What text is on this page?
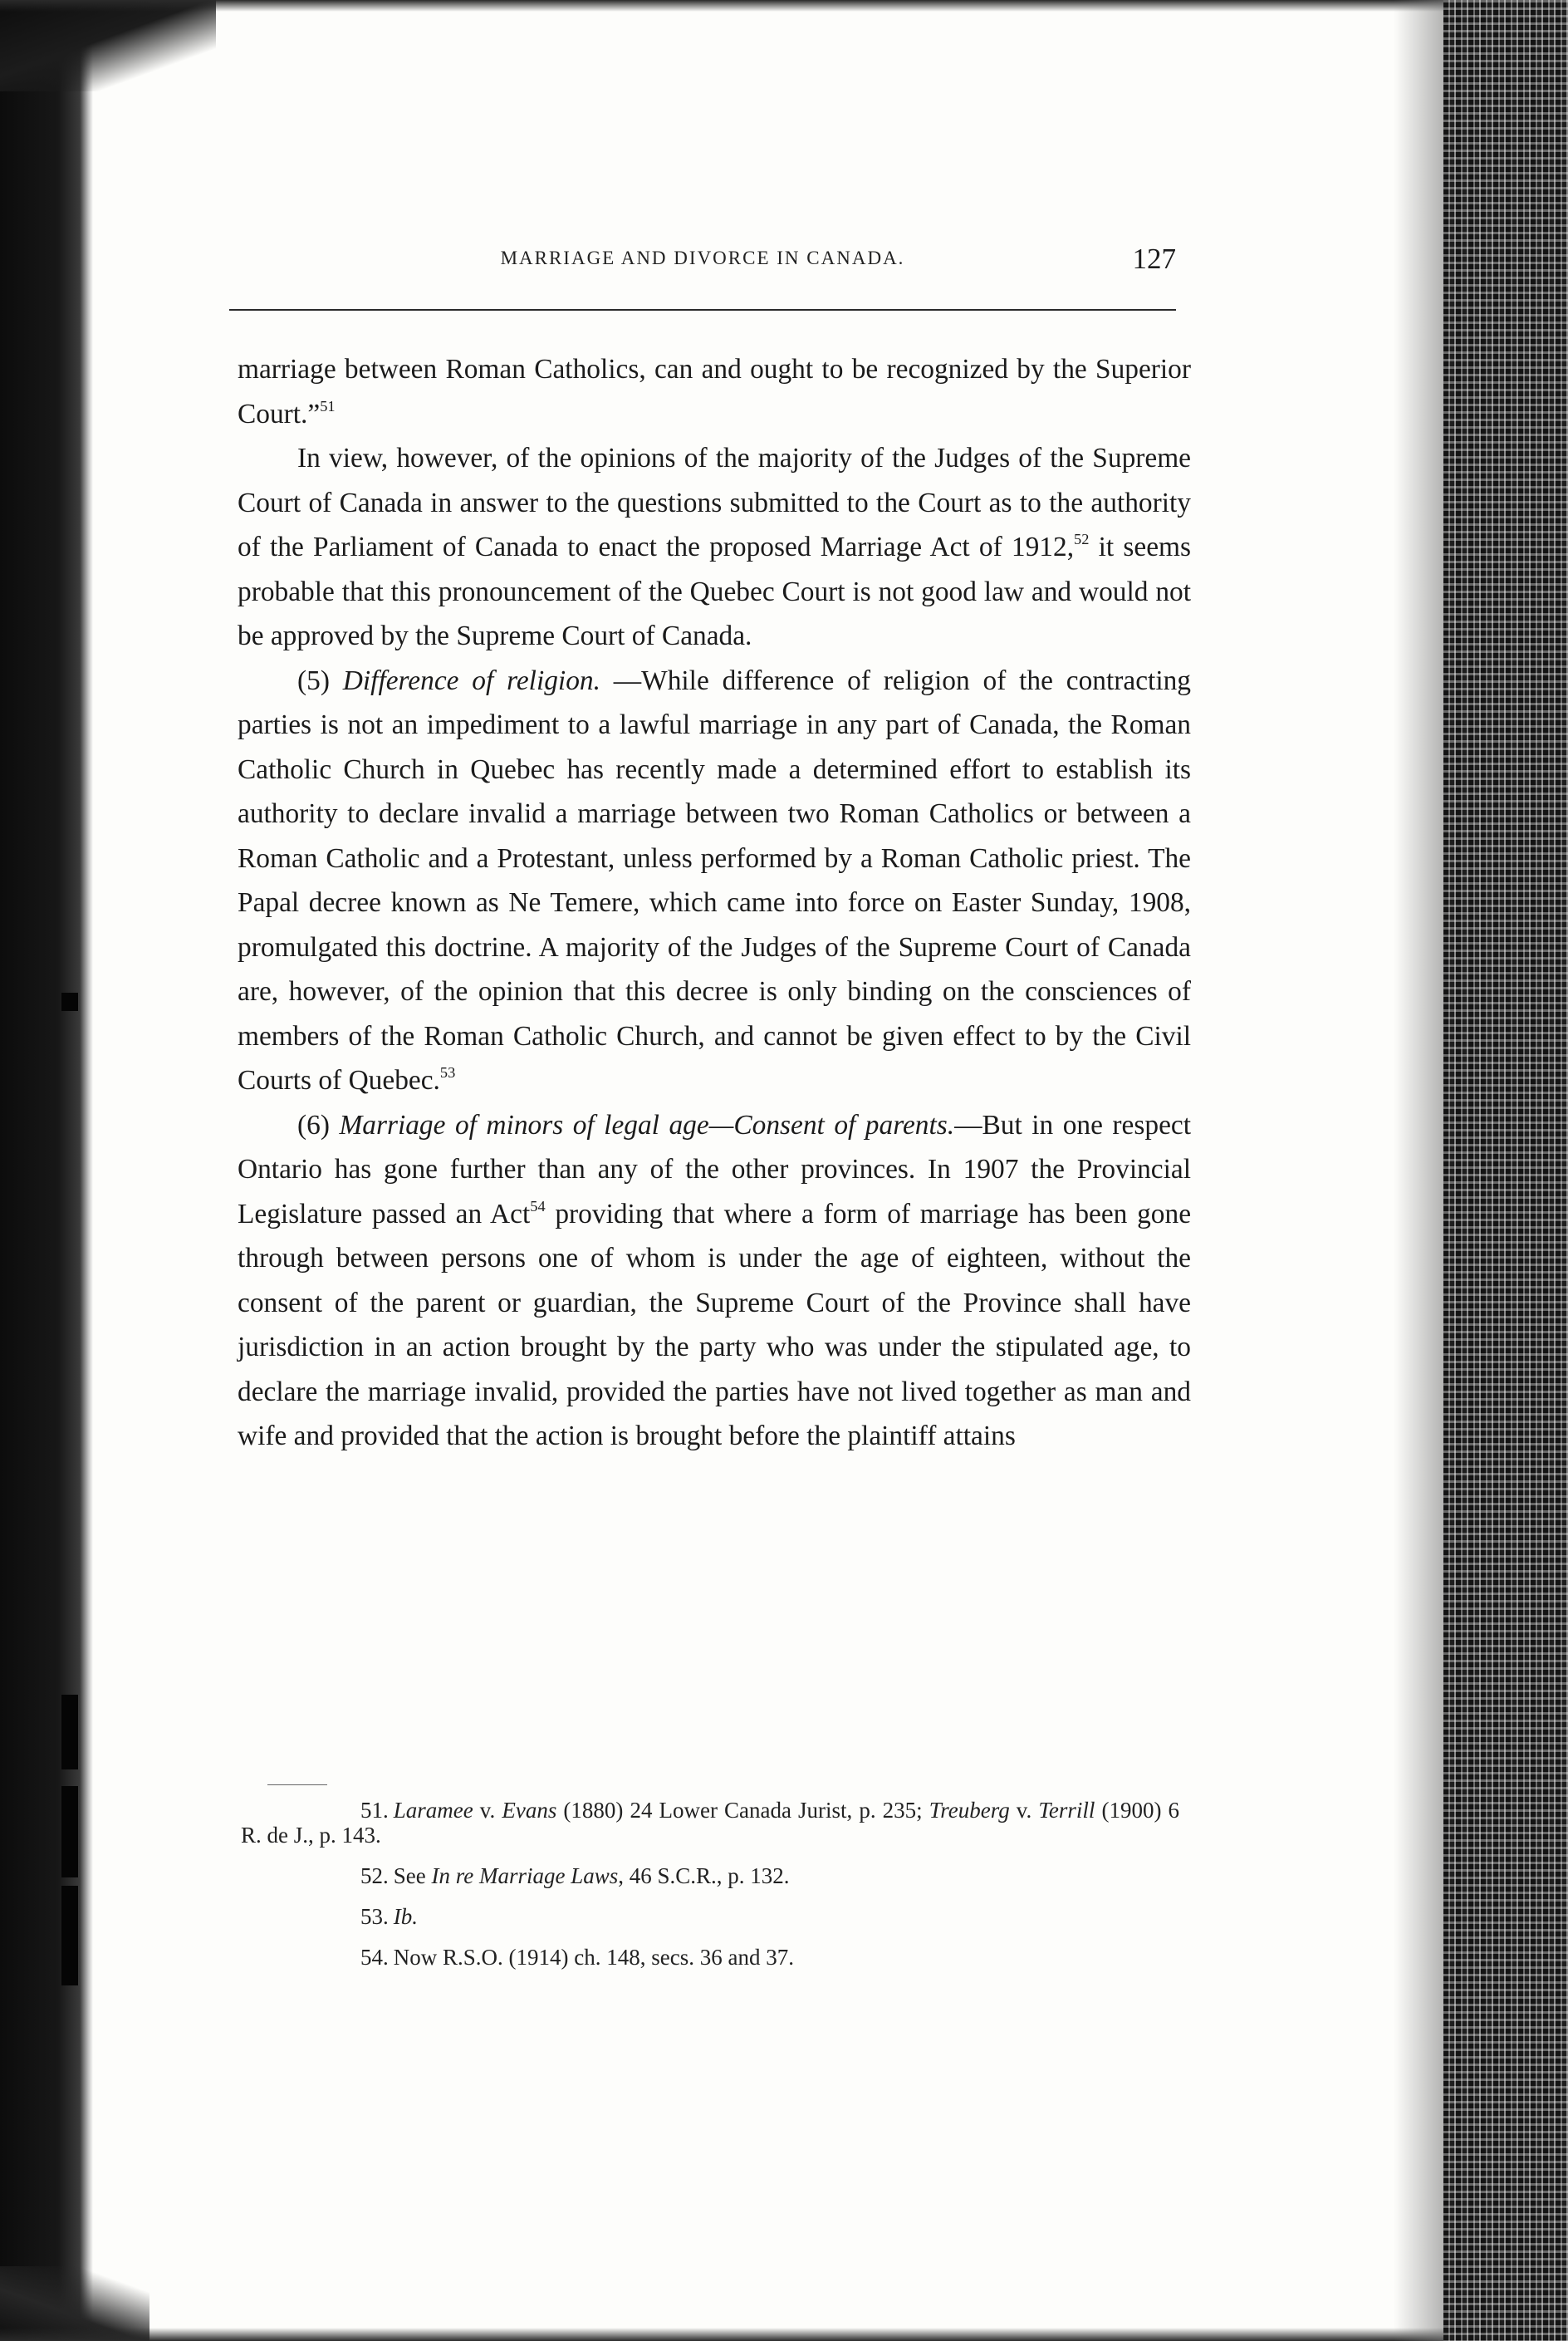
MARRIAGE AND DIVORCE IN CANADA.	127

marriage between Roman Catholics, can and ought to be recognized by the Superior Court.”$^{51}$

In view, however, of the opinions of the majority of the Judges of the Supreme Court of Canada in answer to the questions submitted to the Court as to the authority of the Parliament of Canada to enact the proposed Marriage Act of 1912,52 it seems probable that this pronouncement of the Quebec Court is not good law and would not be approved by the Supreme Court of Canada.

(5) Difference of religion. —While difference of religion of the contracting parties is not an impediment to a lawful marriage in any part of Canada, the Roman Catholic Church in Quebec has recently made a determined effort to establish its authority to declare invalid a marriage between two Roman Catholics or between a Roman Catholic and a Protestant, unless performed by a Roman Catholic priest. The Papal decree known as Ne Temere, which came into force on Easter Sunday, 1908, promulgated this doctrine. A majority of the Judges of the Supreme Court of Canada are, however, of the opinion that this decree is only binding on the consciences of members of the Roman Catholic Church, and cannot be given effect to by the Civil Courts of Quebec.$^{53}$

(6) Marriage of minors of legal age—Consent of parents.—But in one respect Ontario has gone further than any of the other provinces. In 1907 the Provincial Legislature passed an Act$^{54}$ providing that where a form of marriage has been gone through between persons one of whom is under the age of eighteen, without the consent of the parent or guardian, the Supreme Court of the Province shall have jurisdiction in an action brought by the party who was under the stipulated age, to declare the marriage invalid, provided the parties have not lived together as man and wife and provided that the action is brought before the plaintiff attains

51. Laramee v. Evans (1880) 24 Lower Canada Jurist, p. 235; Treuberg v. Terrill (1900) 6 R. de J., p. 143.

52. See In re Marriage Laws, 46 S.C.R., p. 132.

53. Ib.

54. Now R.S.O. (1914) ch. 148, secs. 36 and 37.
